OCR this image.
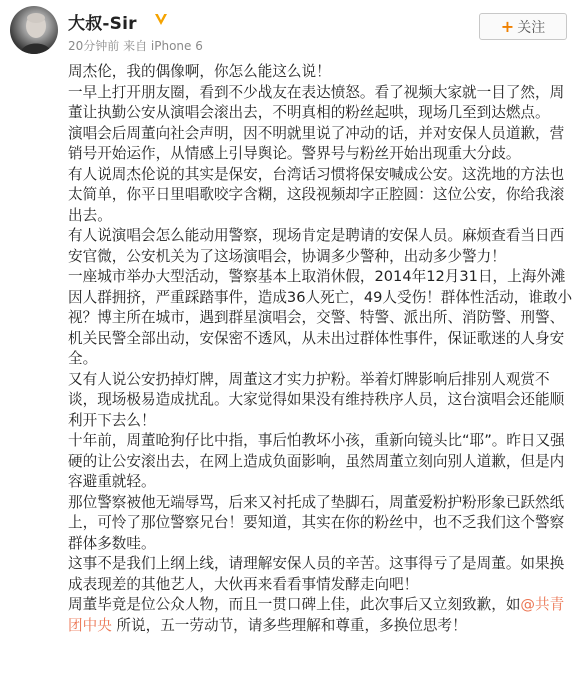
大叔-Sir
20分钟前 来自 iPhone 6
+ 关注

周杰伦，我的偶像啊，你怎么能这么说！

一早上打开朋友圈，看到不少战友在表达愤怒。看了视频大家就一目了然，周董让执勤公安从演唱会滚出去，不明真相的粉丝起哄，现场几至到达燃点。

演唱会后周董向社会声明，因不明就里说了冲动的话，并对安保人员道歉，营销号开始运作，从情感上引导舆论。警界号与粉丝开始出现重大分歧。

有人说周杰伦说的其实是保安，台湾话习惯将保安喊成公安。这洗地的方法也太简单，你平日里唱歌咬字含糊，这段视频却字正腔圆：这位公安，你给我滚出去。

有人说演唱会怎么能动用警察，现场肯定是聘请的安保人员。麻烦查看当日西安官微，公安机关为了这场演唱会，协调多少警种，出动多少警力！

一座城市举办大型活动，警察基本上取消休假，2014年12月31日，上海外滩因人群拥挤，严重踩踏事件，造成36人死亡，49人受伤！群体性活动，谁敢小视？博主所在城市，遇到群星演唱会，交警、特警、派出所、消防警、刑警、机关民警全部出动，安保密不透风，从未出过群体性事件，保证歌迷的人身安全。

又有人说公安扔掉灯牌，周董这才实力护粉。举着灯牌影响后排别人观赏不谈，现场极易造成扰乱。大家觉得如果没有维持秩序人员，这台演唱会还能顺利开下去么！

十年前，周董呛狗仔比中指，事后怕教坏小孩，重新向镜头比“耶”。昨日又强硬的让公安滚出去，在网上造成负面影响，虽然周董立刻向别人道歉，但是内容避重就轻。

那位警察被他无端辱骂，后来又衬托成了垫脚石，周董爱粉护粉形象已跃然纸上，可怜了那位警察兄台！要知道，其实在你的粉丝中，也不乏我们这个警察群体多数哇。

这事不是我们上纲上线，请理解安保人员的辛苦。这事得亏了是周董。如果换成表现差的其他艺人，大伙再来看看事情发酵走向吧！

周董毕竟是位公众人物，而且一贯口碑上佳，此次事后又立刻致歉，如@共青团中央 所说，五一劳动节，请多些理解和尊重，多换位思考！
